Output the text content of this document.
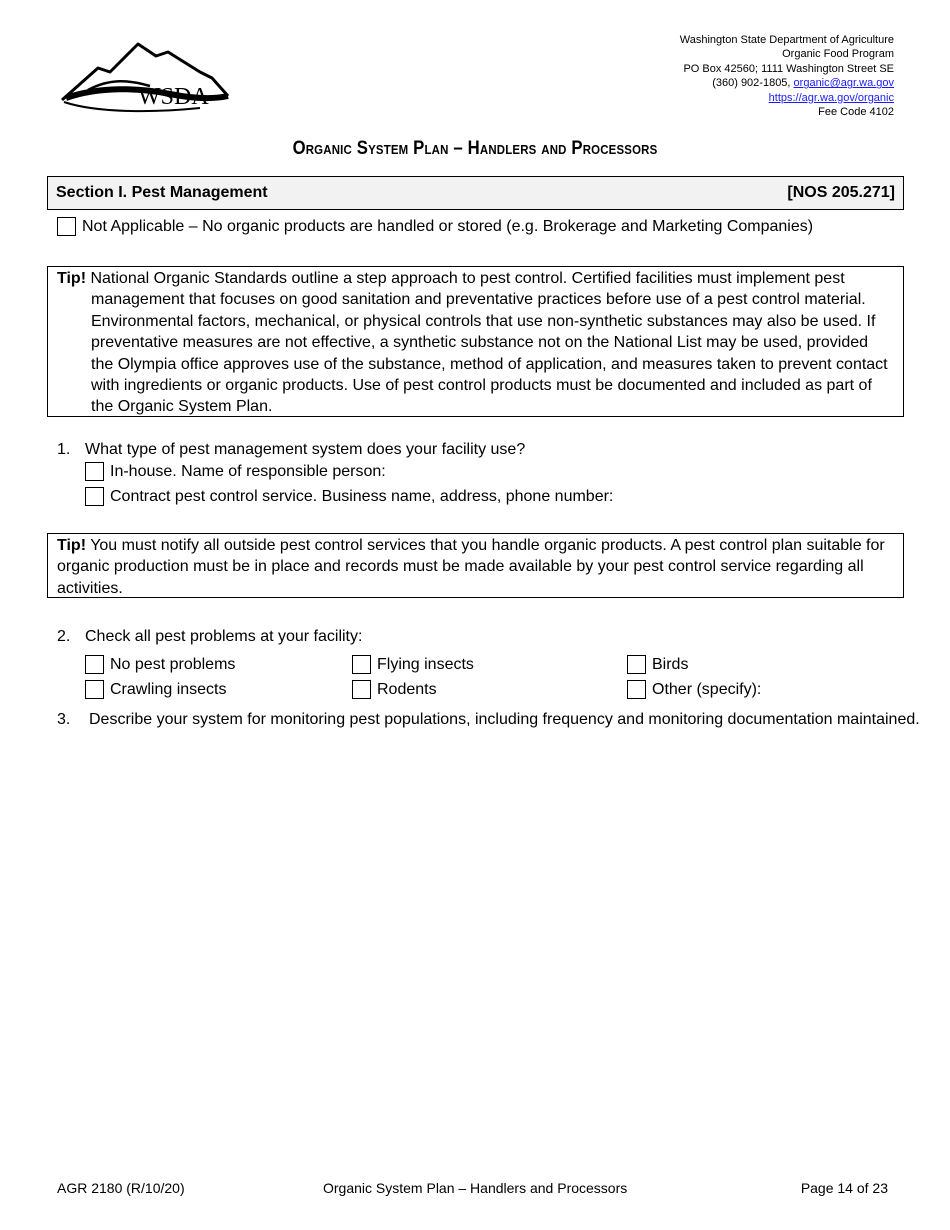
WSDA
Washington State Department of Agriculture
Organic Food Program
PO Box 42560; 1111 Washington Street SE
(360) 902-1805, organic@agr.wa.gov
https://agr.wa.gov/organic
Fee Code 4102
Organic System Plan – Handlers and Processors
Section I. Pest Management	[NOS 205.271]
Not Applicable – No organic products are handled or stored (e.g. Brokerage and Marketing Companies)
Tip! National Organic Standards outline a step approach to pest control. Certified facilities must implement pest management that focuses on good sanitation and preventative practices before use of a pest control material. Environmental factors, mechanical, or physical controls that use non-synthetic substances may also be used. If preventative measures are not effective, a synthetic substance not on the National List may be used, provided the Olympia office approves use of the substance, method of application, and measures taken to prevent contact with ingredients or organic products. Use of pest control products must be documented and included as part of the Organic System Plan.
1. What type of pest management system does your facility use?
In-house. Name of responsible person:
Contract pest control service. Business name, address, phone number:
Tip! You must notify all outside pest control services that you handle organic products. A pest control plan suitable for organic production must be in place and records must be made available by your pest control service regarding all activities.
2. Check all pest problems at your facility:
No pest problems	Flying insects	Birds
Crawling insects	Rodents	Other (specify):
3. Describe your system for monitoring pest populations, including frequency and monitoring documentation maintained.
AGR 2180 (R/10/20)	Organic System Plan – Handlers and Processors	Page 14 of 23
